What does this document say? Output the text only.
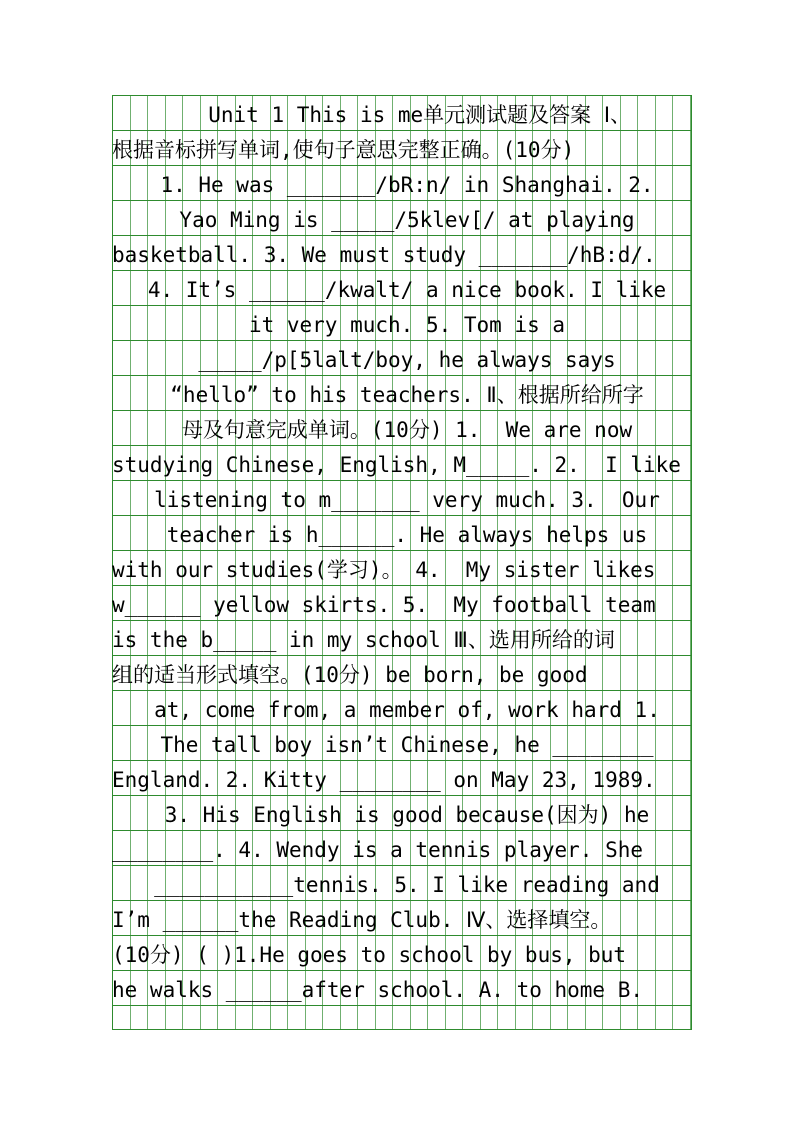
Unit 1 This is me单元测试题及答案 Ⅰ、
根据音标拼写单词,使句子意思完整正确。(10分)
1. He was _______/bR:n/ in Shanghai. 2.
Yao Ming is _____/5klev[/ at playing
basketball. 3. We must study _______/hB:d/.
4. It’s ______/kwalt/ a nice book. I like
it very much. 5. Tom is a
_____/p[5lalt/boy, he always says
“hello” to his teachers. Ⅱ、根据所给所字
母及句意完成单词。(10分) 1.  We are now
studying Chinese, English, M_____. 2.  I like
listening to m_______ very much. 3.  Our
teacher is h______. He always helps us
with our studies(学习)。 4.  My sister likes
w______ yellow skirts. 5.  My football team
is the b_____ in my school Ⅲ、选用所给的词
组的适当形式填空。(10分) be born, be good
at, come from, a member of, work hard 1.
The tall boy isn’t Chinese, he ________
England. 2. Kitty ________ on May 23, 1989.
3. His English is good because(因为) he
________. 4. Wendy is a tennis player. She
___________tennis. 5. I like reading and
I’m ______the Reading Club. Ⅳ、选择填空。
(10分) ( )1.He goes to school by bus, but
he walks ______after school. A. to home B.
